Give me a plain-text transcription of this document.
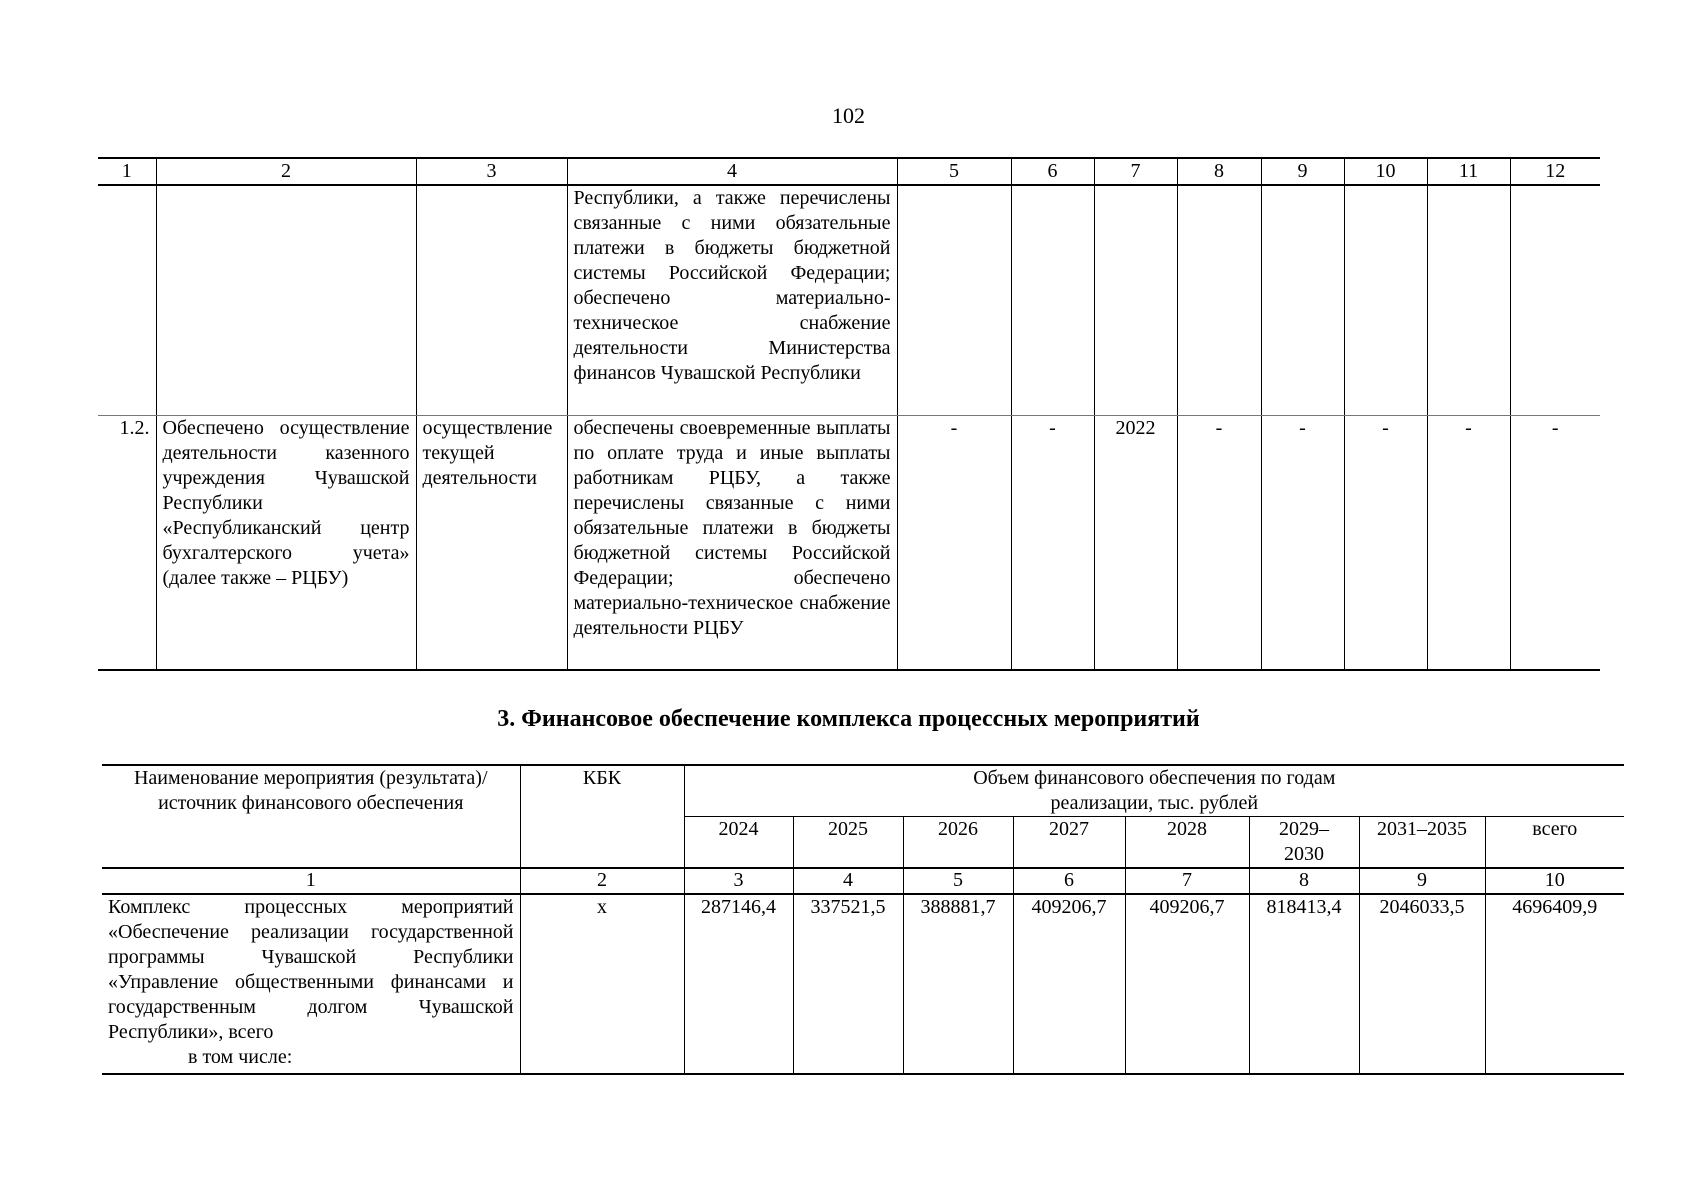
102
1	2	3	4	5	6	7	8	9	10	11	12
			Республики, а также перечислены связанные с ними обязательные платежи в бюджеты бюджетной системы Российской Федерации; обеспечено материально-техническое снабжение деятельности Министерства финансов Чувашской Республики								
1.2.	Обеспечено осуществление деятельности казенного учреждения Чувашской Республики «Республиканский центр бухгалтерского учета» (далее также – РЦБУ)	осуществление текущей деятельности	обеспечены своевременные выплаты по оплате труда и иные выплаты работникам РЦБУ, а также перечислены связанные с ними обязательные платежи в бюджеты бюджетной системы Российской Федерации; обеспечено материально-техническое снабжение деятельности РЦБУ	-	-	2022	-	-	-	-	-
3. Финансовое обеспечение комплекса процессных мероприятий
Наименование мероприятия (результата)/источник финансового обеспечения	КБК	Объем финансового обеспечения по годам реализации, тыс. рублей							
		2024	2025	2026	2027	2028	2029–2030	2031–2035	всего
1	2	3	4	5	6	7	8	9	10

Комплекс процессных мероприятий «Обеспечение реализации государственной программы Чувашской Республики «Управление общественными финансами и государственным долгом Чувашской Республики», всего
в том числе:	x	287146,4	337521,5	388881,7	409206,7	409206,7	818413,4	2046033,5	4696409,9
